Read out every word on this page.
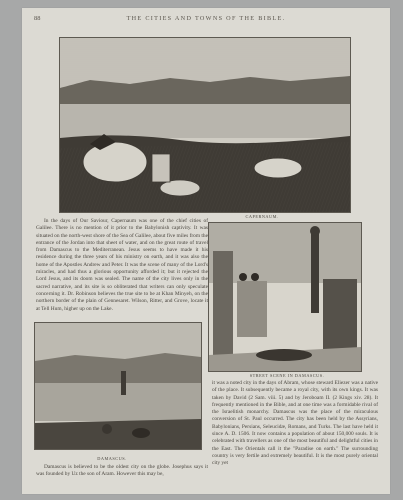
88	THE CITIES AND TOWNS OF THE BIBLE.
CAPERNAUM.

In the days of Our Saviour, Capernaum was one of the chief cities of Galilee. There is no mention of it prior to the Babylonish captivity. It was situated on the north-west shore of the Sea of Galilee, about five miles from the entrance of the Jordan into that sheet of water, and on the great route of travel from Damascus to the Mediterranean. Jesus seems to have made it his residence during the three years of his ministry on earth, and it was also the home of the Apostles Andrew and Peter. It was the scene of many of the Lord's miracles, and had thus a glorious opportunity afforded it; but it rejected the Lord Jesus, and its doom was sealed. The name of the city lives only in the sacred narrative, and its site is so obliterated that writers can only speculate concerning it. Dr. Robinson believes the true site to be at Khan Minyeh, on the northern border of the plain of Gennesaret. Wilson, Ritter, and Grove, locate it at Tell Hum, higher up on the Lake.

STREET SCENE IN DAMASCUS.
DAMASCUS.

Damascus is believed to be the oldest city on the globe. Josephus says it was founded by Uz the son of Aram. However this may be,

it was a noted city in the days of Abram, whose steward Eliezer was a native of the place. It subsequently became a royal city, with its own kings. It was taken by David (2 Sam. viii. 5) and by Jeroboam II. (2 Kings xiv. 28). It frequently mentioned in the Bible, and at one time was a formidable rival of the Israelitish monarchy. Damascus was the place of the miraculous conversion of St. Paul occurred. The city has been held by the Assyrians, Babylonians, Persians, Seleucidæ, Romans, and Turks. The last have held it since A. D. 1506. It now contains a population of about 150,000 souls. It is celebrated with travellers as one of the most beautiful and delightful cities in the East. The Orientals call it the "Paradise on earth." The surrounding country is very fertile and extremely beautiful. It is the most purely oriental city yet
